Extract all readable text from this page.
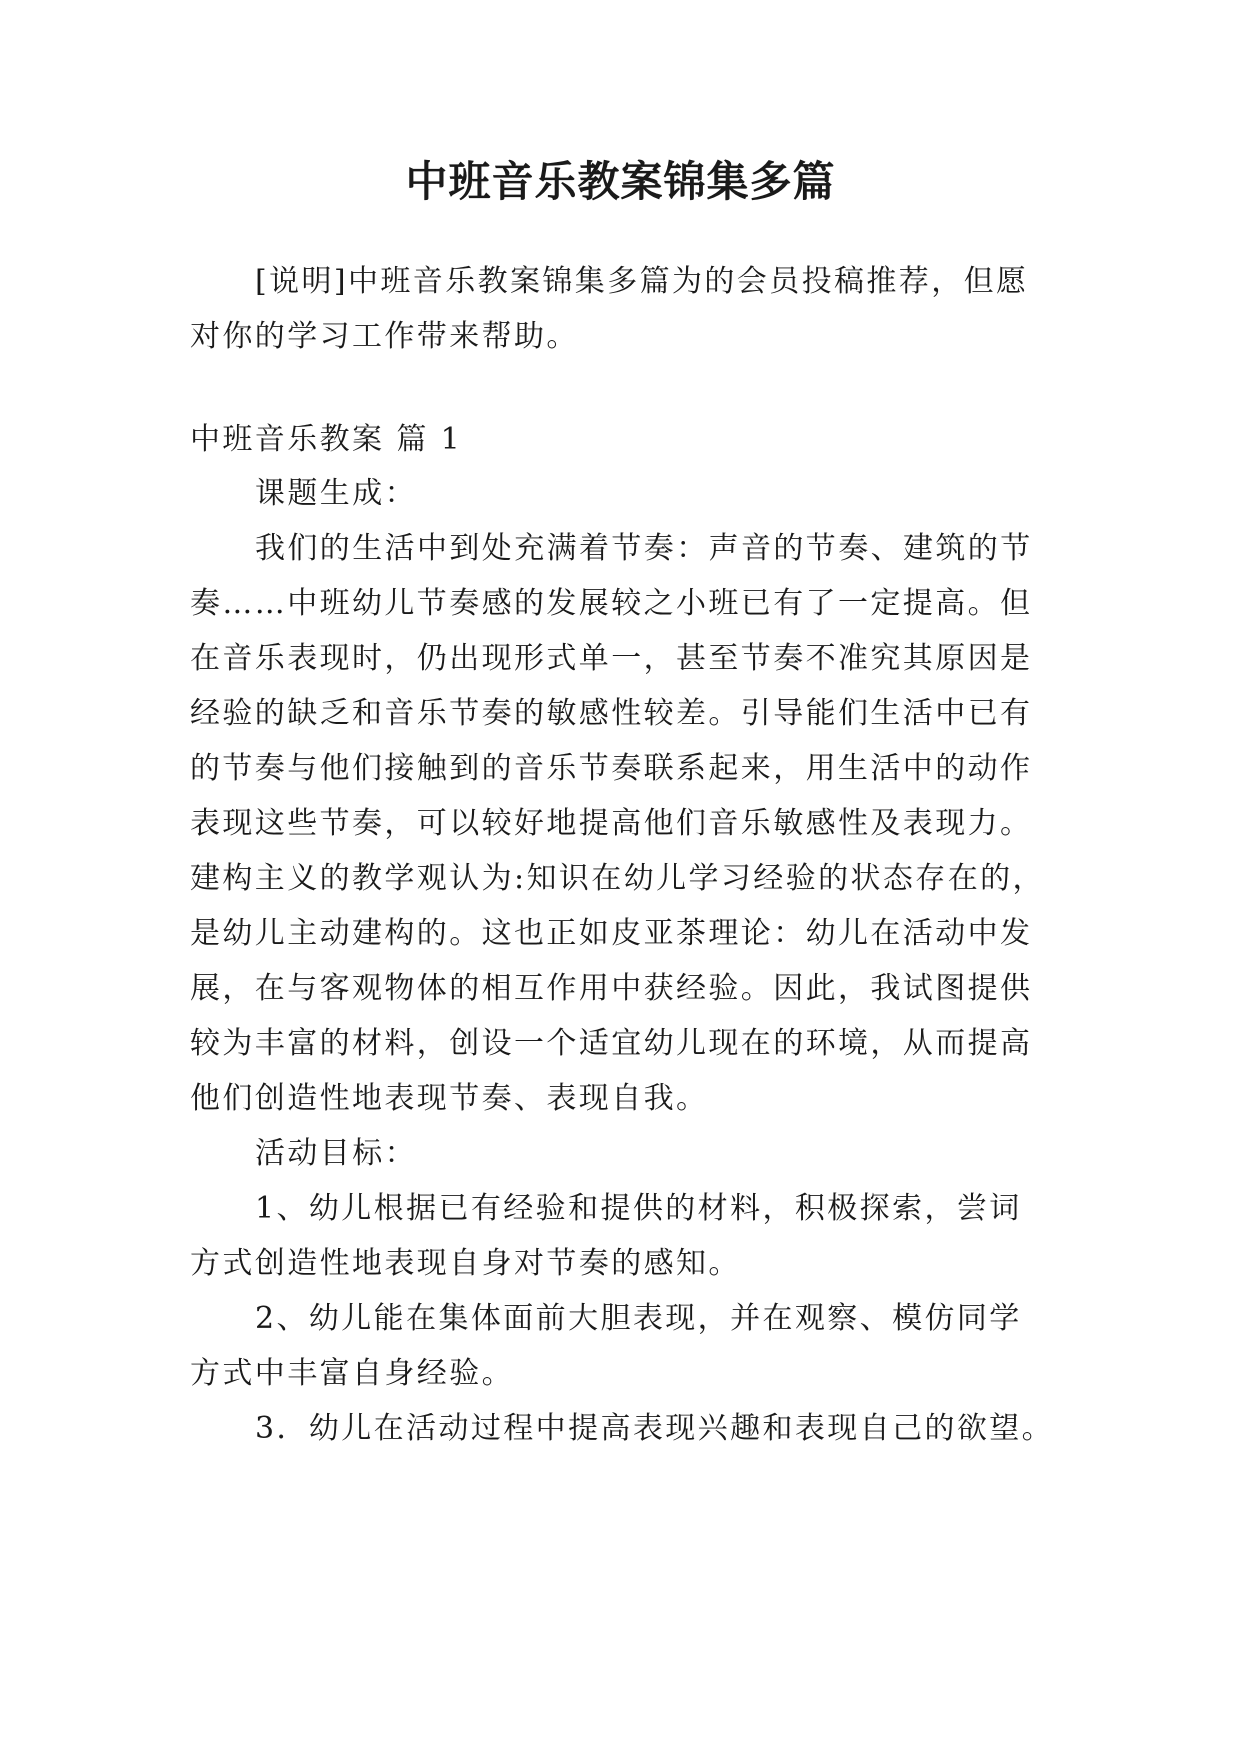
中班音乐教案锦集多篇
[说明]中班音乐教案锦集多篇为的会员投稿推荐，但愿
对你的学习工作带来帮助。
中班音乐教案 篇 1
课题生成：
我们的生活中到处充满着节奏：声音的节奏、建筑的节
奏……中班幼儿节奏感的发展较之小班已有了一定提高。但
在音乐表现时，仍出现形式单一，甚至节奏不准究其原因是
经验的缺乏和音乐节奏的敏感性较差。引导能们生活中已有
的节奏与他们接触到的音乐节奏联系起来，用生活中的动作
表现这些节奏，可以较好地提高他们音乐敏感性及表现力。
建构主义的教学观认为:知识在幼儿学习经验的状态存在的，
是幼儿主动建构的。这也正如皮亚茶理论：幼儿在活动中发
展，在与客观物体的相互作用中获经验。因此，我试图提供
较为丰富的材料，创设一个适宜幼儿现在的环境，从而提高
他们创造性地表现节奏、表现自我。
活动目标：
1、幼儿根据已有经验和提供的材料，积极探索，尝词
方式创造性地表现自身对节奏的感知。
2、幼儿能在集体面前大胆表现，并在观察、模仿同学
方式中丰富自身经验。
3．幼儿在活动过程中提高表现兴趣和表现自己的欲望。
